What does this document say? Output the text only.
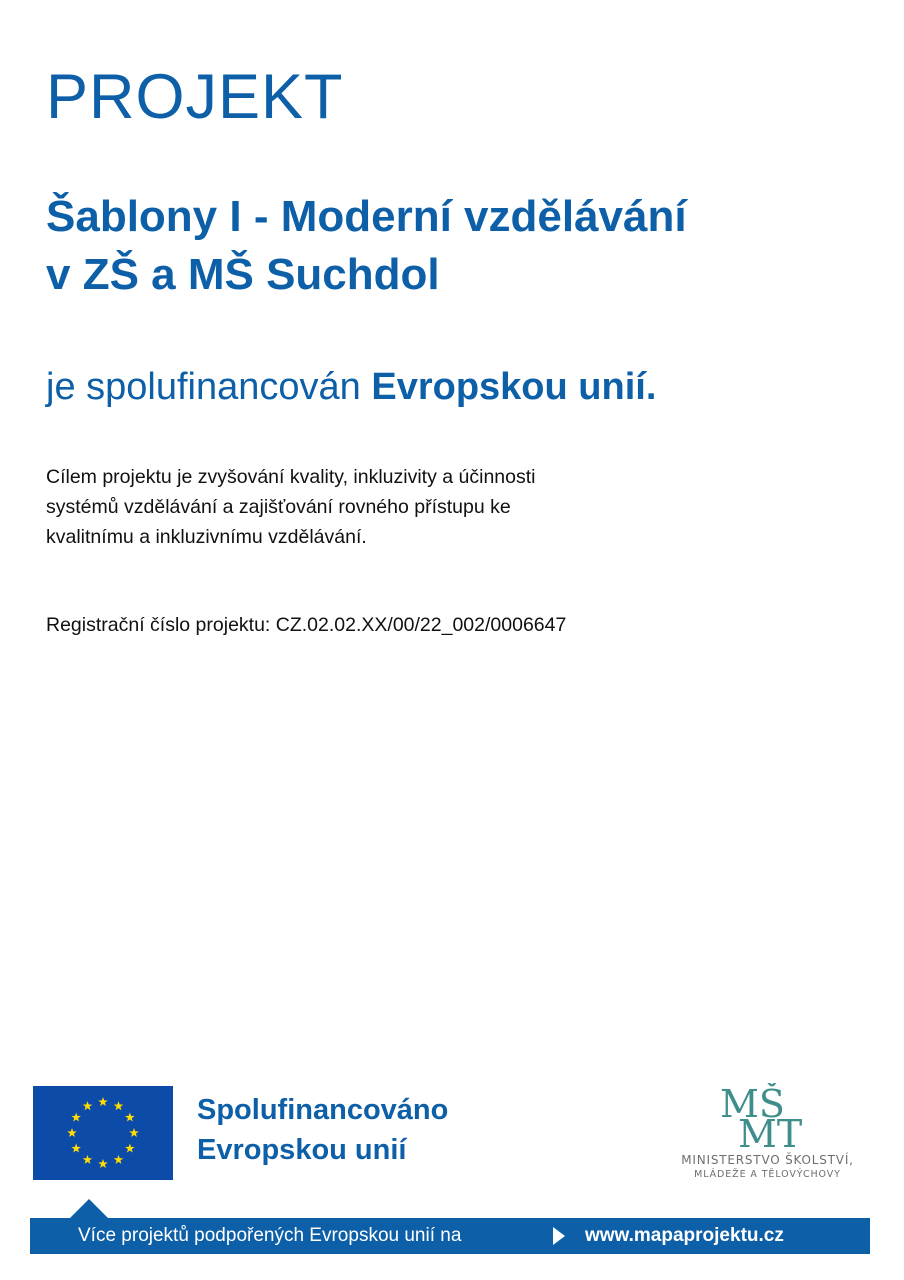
PROJEKT
Šablony I - Moderní vzdělávání
v ZŠ a MŠ Suchdol
je spolufinancován Evropskou unií.
Cílem projektu je zvyšování kvality, inkluzivity a účinnosti
systémů vzdělávání a zajišťování rovného přístupu ke
kvalitnímu a inkluzivnímu vzdělávání.
Registrační číslo projektu: CZ.02.02.XX/00/22_002/0006647
Spolufinancováno
Evropskou unií
MŠ
MT
MINISTERSTVO ŠKOLSTVÍ,
MLÁDEŽE A TĚLOVÝCHOVY
Více projektů podpořených Evropskou unií na	www.mapaprojektu.cz
